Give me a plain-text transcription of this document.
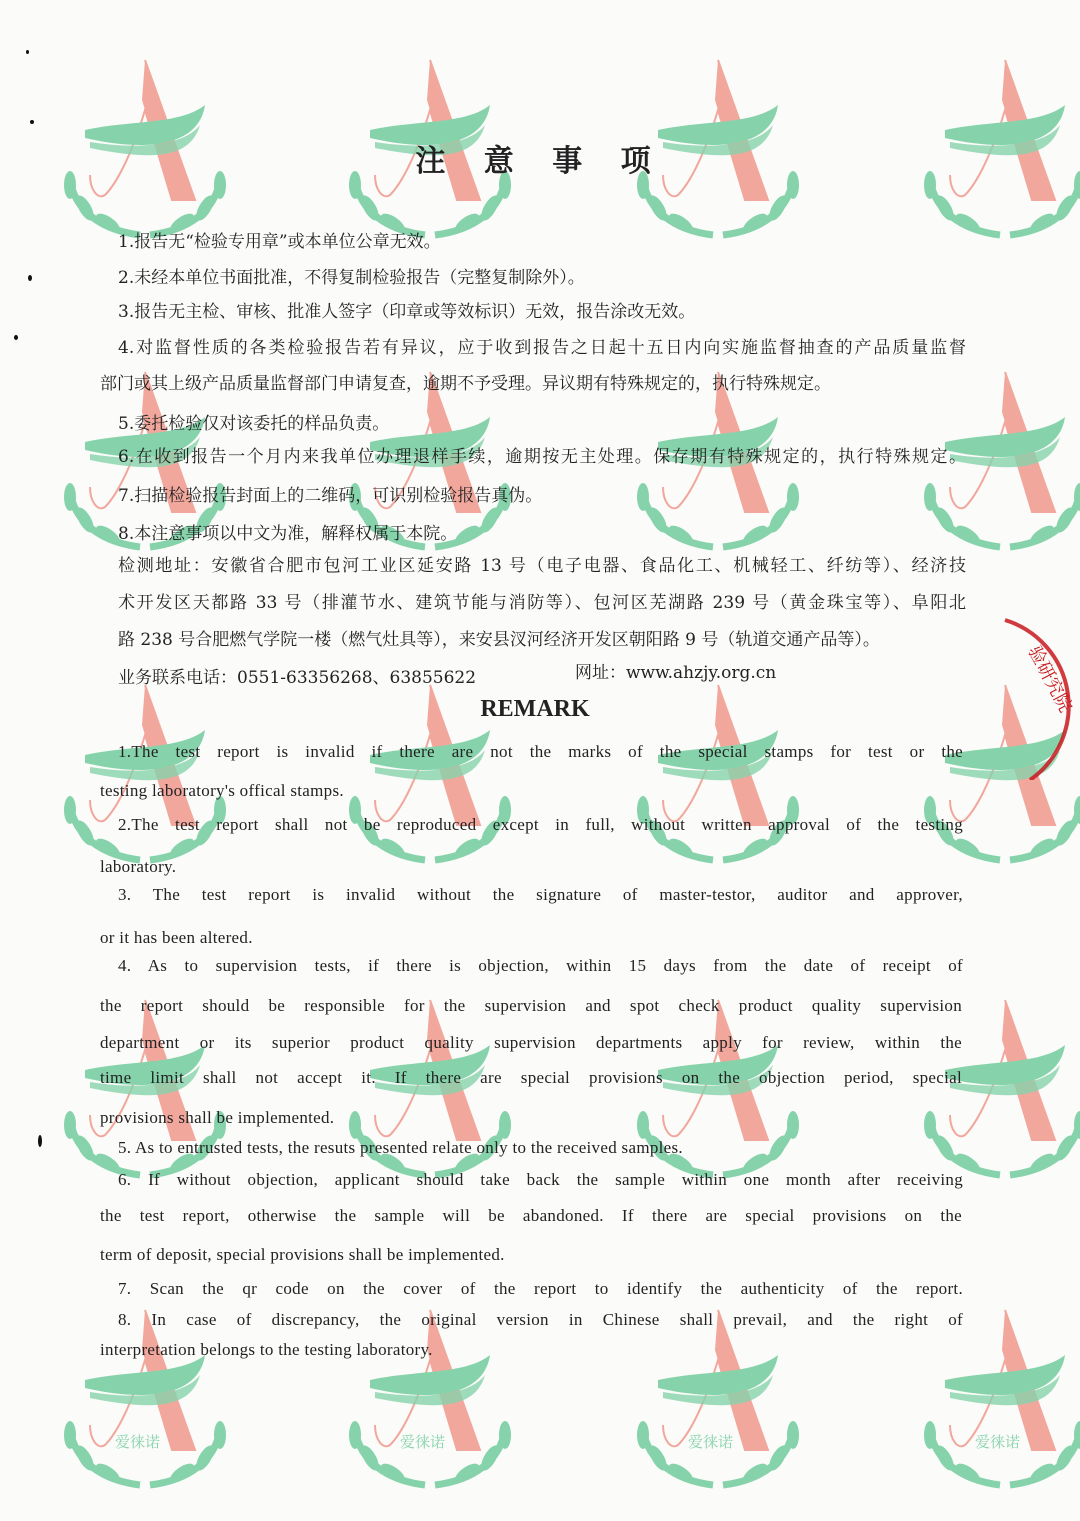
爱徕诺	爱徕诺	爱徕诺	爱徕诺
注 意 事 项
1.报告无“检验专用章”或本单位公章无效。
2.未经本单位书面批准，不得复制检验报告（完整复制除外）。
3.报告无主检、审核、批准人签字（印章或等效标识）无效，报告涂改无效。
4.对监督性质的各类检验报告若有异议，应于收到报告之日起十五日内向实施监督抽查的产品质量监督
部门或其上级产品质量监督部门申请复查，逾期不予受理。异议期有特殊规定的，执行特殊规定。
5.委托检验仅对该委托的样品负责。
6.在收到报告一个月内来我单位办理退样手续，逾期按无主处理。保存期有特殊规定的，执行特殊规定。
7.扫描检验报告封面上的二维码，可识别检验报告真伪。
8.本注意事项以中文为准，解释权属于本院。
检测地址：安徽省合肥市包河工业区延安路 13 号（电子电器、食品化工、机械轻工、纤纺等）、经济技
术开发区天都路 33 号（排灌节水、建筑节能与消防等）、包河区芜湖路 239 号（黄金珠宝等）、阜阳北
路 238 号合肥燃气学院一楼（燃气灶具等），来安县汊河经济开发区朝阳路 9 号（轨道交通产品等）。
业务联系电话：0551-63356268、63855622	网址：www.ahzjy.org.cn
REMARK
1.The test report is invalid if there are not the marks of the special stamps for test or the
testing laboratory's offical stamps.
2.The test report shall not be reproduced except in full, without written approval of the testing
laboratory.
3. The test report is invalid without the signature of master-testor, auditor and approver,
or it has been altered.
4. As to supervision tests, if there is objection, within 15 days from the date of receipt of
the report should be responsible for the supervision and spot check product quality supervision
department or its superior product quality supervision departments apply for review, within the
time limit shall not accept it. If there are special provisions on the objection period, special
provisions shall be implemented.
5. As to entrusted tests, the resuts presented relate only to the received samples.
6. If without objection, applicant should take back the sample within one month after receiving
the test report, otherwise the sample will be abandoned. If there are special provisions on the
term of deposit, special provisions shall be implemented.
7. Scan the qr code on the cover of the report to identify the authenticity of the report.
8. In case of discrepancy, the original version in Chinese shall prevail, and the right of
interpretation belongs to the testing laboratory.
验研究院
